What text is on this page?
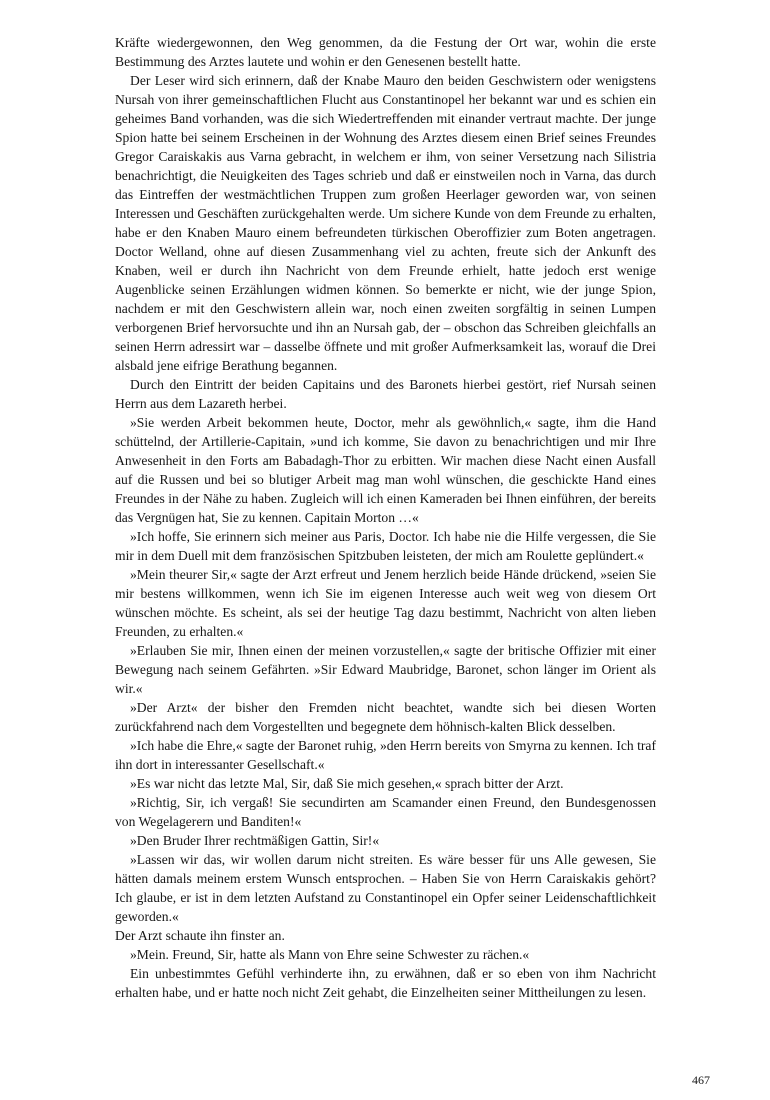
Kräfte wiedergewonnen, den Weg genommen, da die Festung der Ort war, wohin die erste Bestimmung des Arztes lautete und wohin er den Genesenen bestellt hatte.

Der Leser wird sich erinnern, daß der Knabe Mauro den beiden Geschwistern oder wenigstens Nursah von ihrer gemeinschaftlichen Flucht aus Constantinopel her bekannt war und es schien ein geheimes Band vorhanden, was die sich Wiedertreffenden mit einander vertraut machte. Der junge Spion hatte bei seinem Erscheinen in der Wohnung des Arztes diesem einen Brief seines Freundes Gregor Caraiskakis aus Varna gebracht, in welchem er ihm, von seiner Versetzung nach Silistria benachrichtigt, die Neuigkeiten des Tages schrieb und daß er einstweilen noch in Varna, das durch das Eintreffen der westmächtlichen Truppen zum großen Heerlager geworden war, von seinen Interessen und Geschäften zurückgehalten werde. Um sichere Kunde von dem Freunde zu erhalten, habe er den Knaben Mauro einem befreundeten türkischen Oberoffizier zum Boten angetragen. Doctor Welland, ohne auf diesen Zusammenhang viel zu achten, freute sich der Ankunft des Knaben, weil er durch ihn Nachricht von dem Freunde erhielt, hatte jedoch erst wenige Augenblicke seinen Erzählungen widmen können. So bemerkte er nicht, wie der junge Spion, nachdem er mit den Geschwistern allein war, noch einen zweiten sorgfältig in seinen Lumpen verborgenen Brief hervorsuchte und ihn an Nursah gab, der – obschon das Schreiben gleichfalls an seinen Herrn adressirt war – dasselbe öffnete und mit großer Aufmerksamkeit las, worauf die Drei alsbald jene eifrige Berathung begannen.

Durch den Eintritt der beiden Capitains und des Baronets hierbei gestört, rief Nursah seinen Herrn aus dem Lazareth herbei.

»Sie werden Arbeit bekommen heute, Doctor, mehr als gewöhnlich,« sagte, ihm die Hand schüttelnd, der Artillerie-Capitain, »und ich komme, Sie davon zu benachrichtigen und mir Ihre Anwesenheit in den Forts am Babadagh-Thor zu erbitten. Wir machen diese Nacht einen Ausfall auf die Russen und bei so blutiger Arbeit mag man wohl wünschen, die geschickte Hand eines Freundes in der Nähe zu haben. Zugleich will ich einen Kameraden bei Ihnen einführen, der bereits das Vergnügen hat, Sie zu kennen. Capitain Morton …«

»Ich hoffe, Sie erinnern sich meiner aus Paris, Doctor. Ich habe nie die Hilfe vergessen, die Sie mir in dem Duell mit dem französischen Spitzbuben leisteten, der mich am Roulette geplündert.«

»Mein theurer Sir,« sagte der Arzt erfreut und Jenem herzlich beide Hände drückend, »seien Sie mir bestens willkommen, wenn ich Sie im eigenen Interesse auch weit weg von diesem Ort wünschen möchte. Es scheint, als sei der heutige Tag dazu bestimmt, Nachricht von alten lieben Freunden, zu erhalten.«

»Erlauben Sie mir, Ihnen einen der meinen vorzustellen,« sagte der britische Offizier mit einer Bewegung nach seinem Gefährten. »Sir Edward Maubridge, Baronet, schon länger im Orient als wir.«

»Der Arzt« der bisher den Fremden nicht beachtet, wandte sich bei diesen Worten zurückfahrend nach dem Vorgestellten und begegnete dem höhnisch-kalten Blick desselben.

»Ich habe die Ehre,« sagte der Baronet ruhig, »den Herrn bereits von Smyrna zu kennen. Ich traf ihn dort in interessanter Gesellschaft.«

»Es war nicht das letzte Mal, Sir, daß Sie mich gesehen,« sprach bitter der Arzt.

»Richtig, Sir, ich vergaß! Sie secundirten am Scamander einen Freund, den Bundesgenossen von Wegelagerern und Banditen!«

»Den Bruder Ihrer rechtmäßigen Gattin, Sir!«

»Lassen wir das, wir wollen darum nicht streiten. Es wäre besser für uns Alle gewesen, Sie hätten damals meinem erstem Wunsch entsprochen. – Haben Sie von Herrn Caraiskakis gehört? Ich glaube, er ist in dem letzten Aufstand zu Constantinopel ein Opfer seiner Leidenschaftlichkeit geworden.«

Der Arzt schaute ihn finster an.

»Mein. Freund, Sir, hatte als Mann von Ehre seine Schwester zu rächen.«

Ein unbestimmtes Gefühl verhinderte ihn, zu erwähnen, daß er so eben von ihm Nachricht erhalten habe, und er hatte noch nicht Zeit gehabt, die Einzelheiten seiner Mittheilungen zu lesen.

467
